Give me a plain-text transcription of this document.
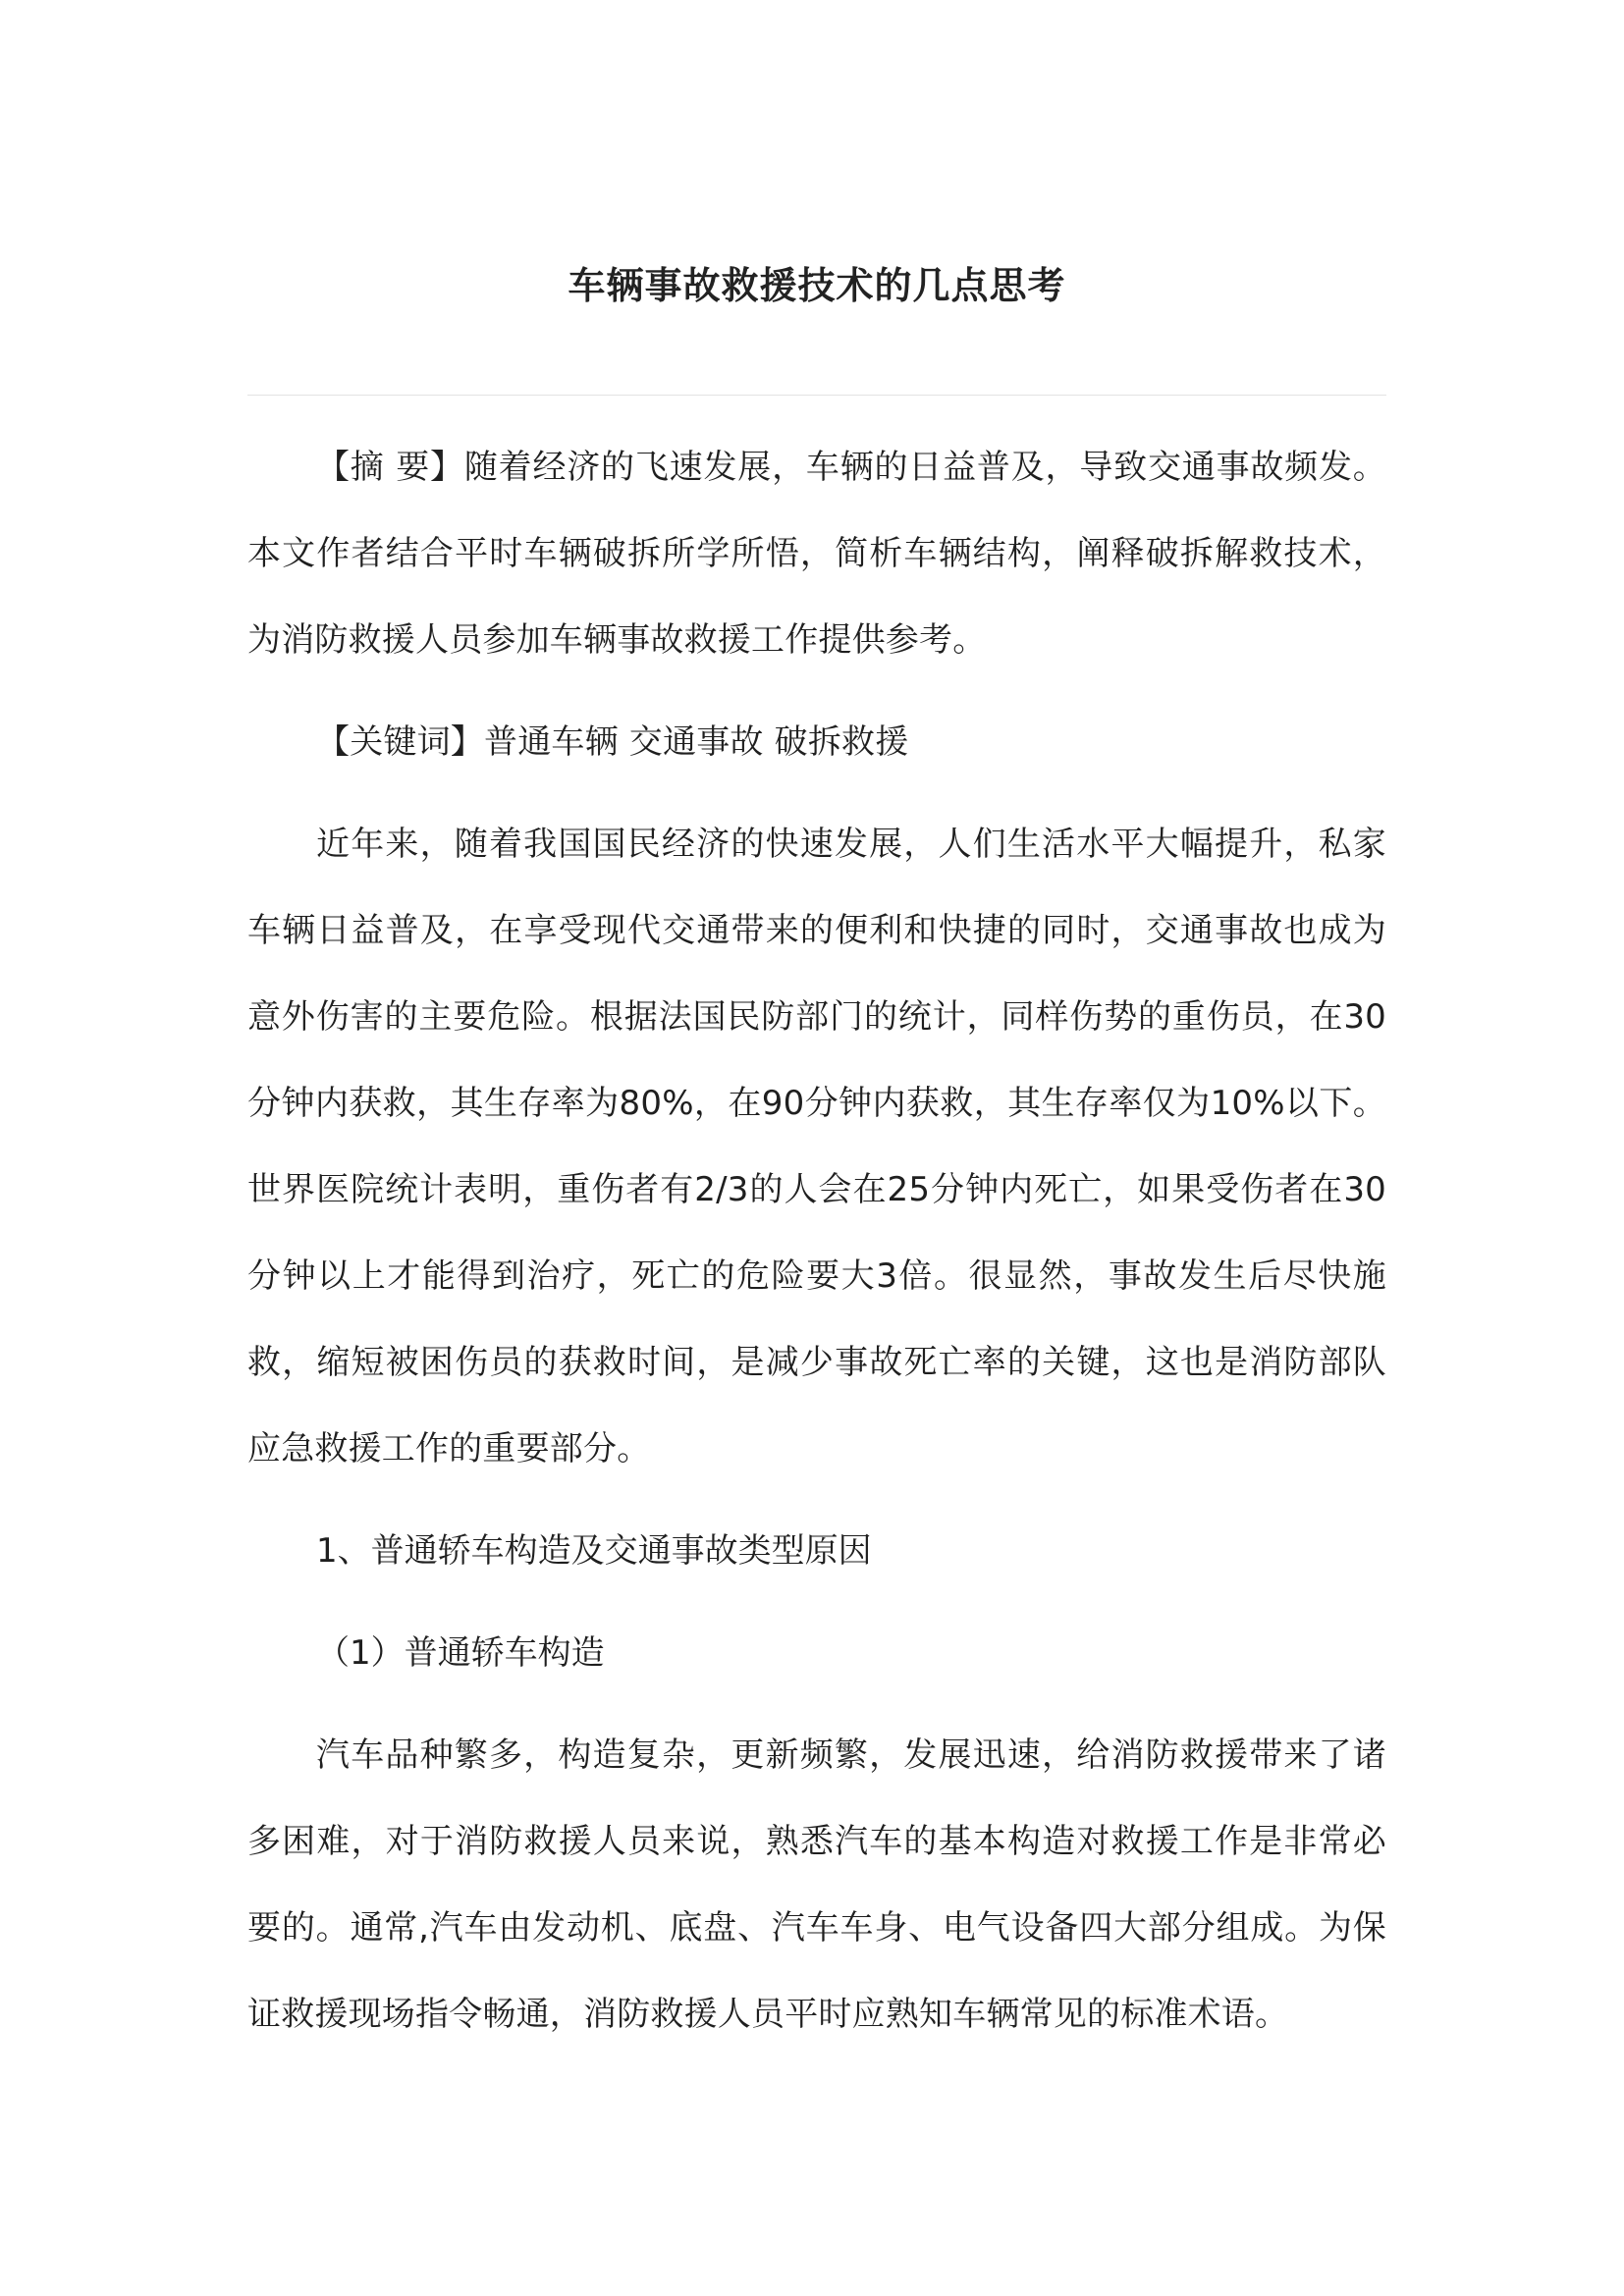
车辆事故救援技术的几点思考

【摘 要】随着经济的飞速发展，车辆的日益普及，导致交通事故频发。本文作者结合平时车辆破拆所学所悟，简析车辆结构，阐释破拆解救技术，为消防救援人员参加车辆事故救援工作提供参考。

【关键词】普通车辆 交通事故 破拆救援

近年来，随着我国国民经济的快速发展，人们生活水平大幅提升，私家车辆日益普及，在享受现代交通带来的便利和快捷的同时，交通事故也成为意外伤害的主要危险。根据法国民防部门的统计，同样伤势的重伤员，在30分钟内获救，其生存率为80%，在90分钟内获救，其生存率仅为10%以下。世界医院统计表明，重伤者有2/3的人会在25分钟内死亡，如果受伤者在30分钟以上才能得到治疗，死亡的危险要大3倍。很显然，事故发生后尽快施救，缩短被困伤员的获救时间，是减少事故死亡率的关键，这也是消防部队应急救援工作的重要部分。

1、普通轿车构造及交通事故类型原因

（1）普通轿车构造

汽车品种繁多，构造复杂，更新频繁，发展迅速，给消防救援带来了诸多困难，对于消防救援人员来说，熟悉汽车的基本构造对救援工作是非常必要的。通常,汽车由发动机、底盘、汽车车身、电气设备四大部分组成。为保证救援现场指令畅通，消防救援人员平时应熟知车辆常见的标准术语。
